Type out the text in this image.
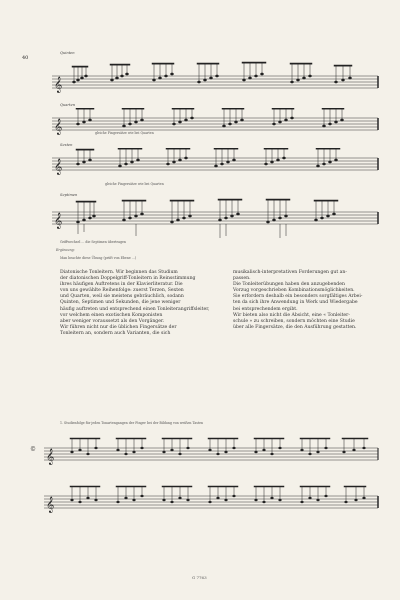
40
Quinten
𝄞
Quarten
𝄞	gleiche Fingersätze wie bei Quarten
Sexten
𝄞
gleiche Fingersätze wie bei Quarten
Septimen
𝄞
Griffwechsel ... die Septimen übertragen
Ergänzung:
Man beachte diese Übung (prüft von Ebene ...)

Diatonische Tonleitern. Wir beginnen das Studium

der diatonischen Doppelgriff-Tonleitern in Reinsstimmung

ihres häufigen Auftretens in der Klavierliteratur. Die

von uns gewählte Reihenfolge: zuerst Terzen, Sexten

und Quarten, weil sie meistens gebräuchlich, sodann

Quinten, Septimen und Sekunden, die jene weniger

häufig auftreten und entsprechend einen Tonleiterangriffsleiter,

vor welchem einen exotischen Komponisten

aber weniger voraussetzt als den Vorgänger.

Wir führen nicht nur die üblichen Fingersätze der

Tonleitern an, sondern auch Varianten, die sich

musikalisch-interpretativen Forderungen gut an-

passen.

Die Tonleiterübungen haben den anzugebenden

Vorzug vorgeschrieben Kombinationsmöglichkeiten.

Sie erfordern deshalb ein besonders sorgfältiges Arbei-

ten da sich ihre Anwendung in Werk und Wiedergabe

bei entsprechendem ergibt.

Wir bieten also nicht die Absicht, eine « Tonleiter-

schule » zu schreiben, sondern möchten eine Studie

über alle Fingersätze, die den Ausführung gestatten.

1. Studienfolge für jeden Tonartengangen der Finger bei der Bildung von weißen Tasten
© 𝄞
𝄞
G 7763
